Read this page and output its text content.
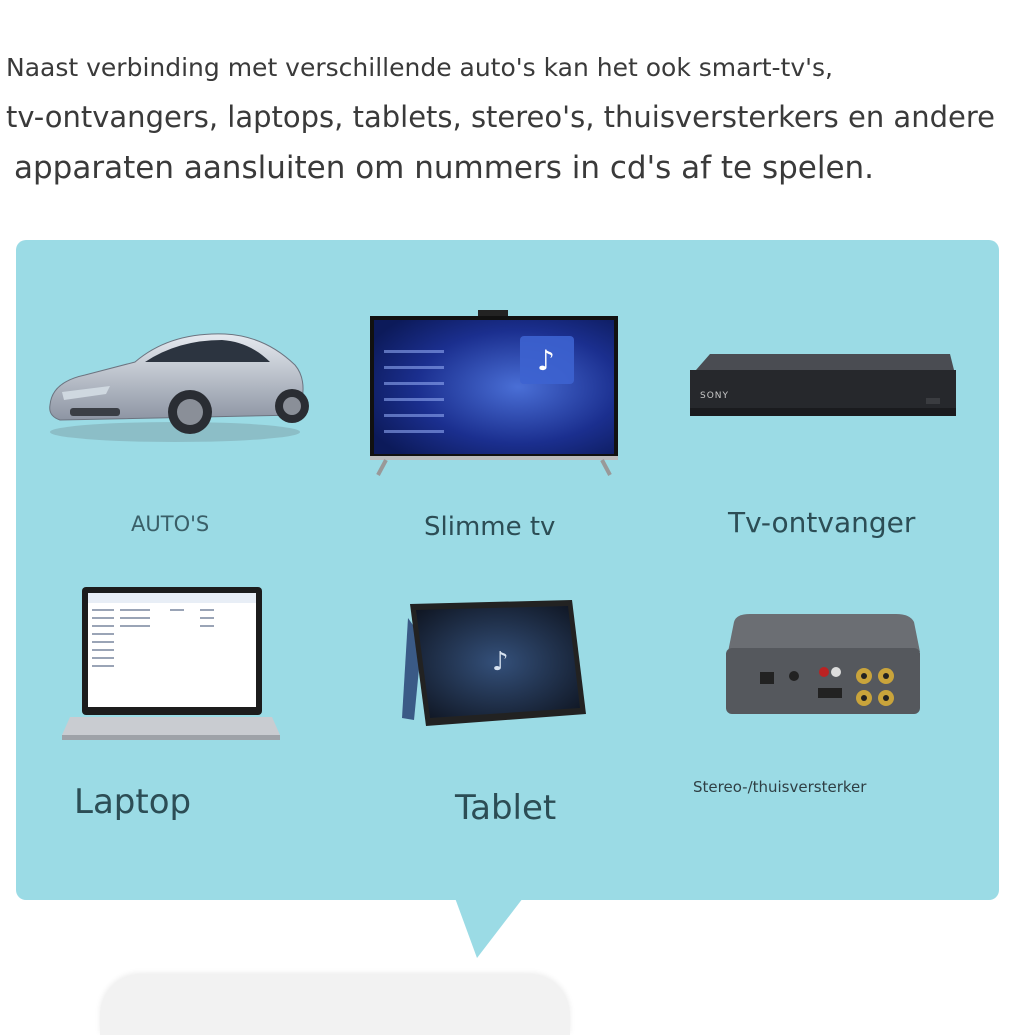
Naast verbinding met verschillende auto's kan het ook smart-tv's,
tv-ontvangers, laptops, tablets, stereo's, thuisversterkers en andere
apparaten aansluiten om nummers in cd's af te spelen.
♪
SONY
♪
AUTO'S	Slimme tv	Tv-ontvanger
Laptop	Tablet
Stereo-/thuisversterker
